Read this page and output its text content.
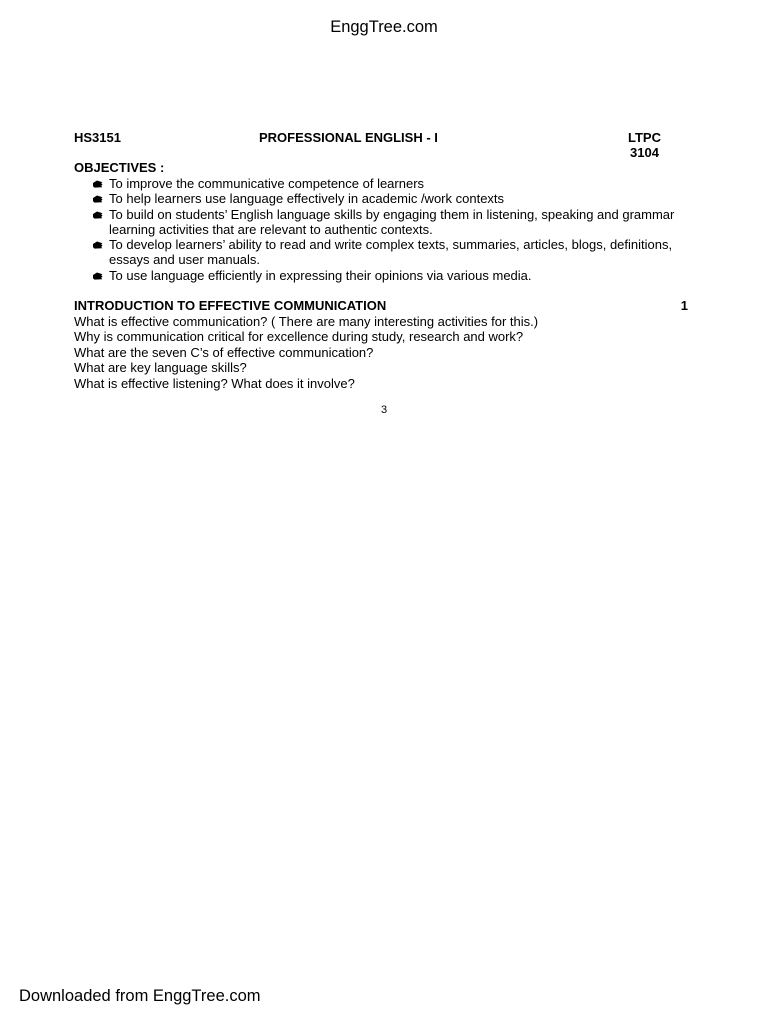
EnggTree.com
HS3151	PROFESSIONAL ENGLISH - I	LTPC
3104
OBJECTIVES :
To improve the communicative competence of learners
To help learners use language effectively in academic /work contexts
To build on students’ English language skills by engaging them in listening, speaking and grammar learning activities that are relevant to authentic contexts.
To develop learners’ ability to read and write complex texts, summaries, articles, blogs, definitions, essays and user manuals.
To use language efficiently in expressing their opinions via various media.
INTRODUCTION TO EFFECTIVE COMMUNICATION	1

What is effective communication? ( There are many interesting activities for this.)

Why is communication critical for excellence during study, research and work?

What are the seven C’s of effective communication?

What are key language skills?

What is effective listening? What does it involve?

3
Downloaded from EnggTree.com
